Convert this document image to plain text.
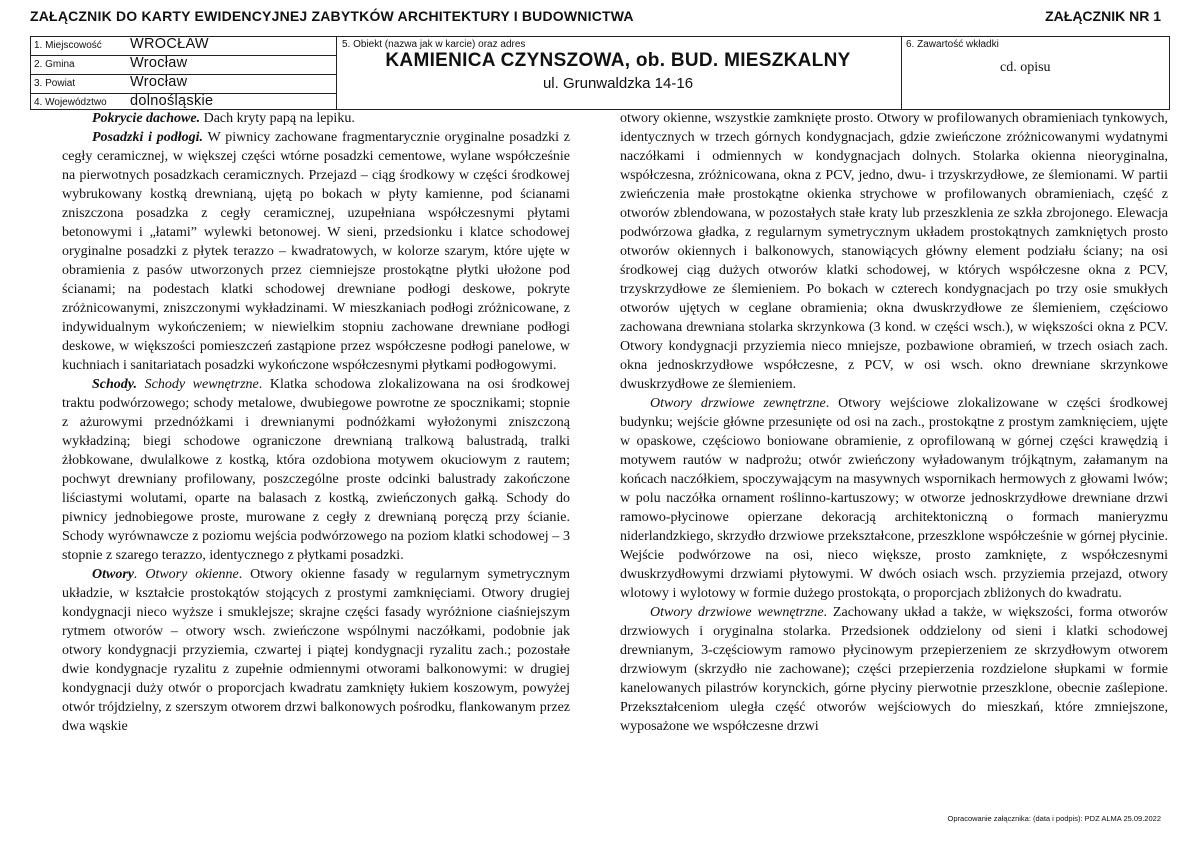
ZAŁĄCZNIK DO KARTY EWIDENCYJNEJ ZABYTKÓW ARCHITEKTURY I BUDOWNICTWA	ZAŁĄCZNIK NR 1
1. Miejscowość WROCŁAW
2. Gmina	Wrocław
3. Powiat	Wrocław
4. Województwo dolnośląskie
5. Obiekt (nazwa jak w karcie) oraz adres
KAMIENICA CZYNSZOWA, ob. BUD. MIESZKALNY
ul. Grunwaldzka 14-16
6. Zawartość wkładki
cd. opisu

Pokrycie dachowe. Dach kryty papą na lepiku.

Posadzki i podłogi. W piwnicy zachowane fragmentarycznie oryginalne posadzki z cegły ceramicznej, w większej części wtórne posadzki cementowe, wylane współcześnie na pierwotnych posadzkach ceramicznych. Przejazd – ciąg środkowy w części środkowej wybrukowany kostką drewnianą, ujętą po bokach w płyty kamienne, pod ścianami zniszczona posadzka z cegły ceramicznej, uzupełniana współczesnymi płytami betonowymi i „łatami” wylewki betonowej. W sieni, przedsionku i klatce schodowej oryginalne posadzki z płytek terazzo – kwadratowych, w kolorze szarym, które ujęte w obramienia z pasów utworzonych przez ciemniejsze prostokątne płytki ułożone pod ścianami; na podestach klatki schodowej drewniane podłogi deskowe, pokryte zróżnicowanymi, zniszczonymi wykładzinami. W mieszkaniach podłogi zróżnicowane, z indywidualnym wykończeniem; w niewielkim stopniu zachowane drewniane podłogi deskowe, w większości pomieszczeń zastąpione przez współczesne podłogi panelowe, w kuchniach i sanitariatach posadzki wykończone współczesnymi płytkami podłogowymi.

Schody. Schody wewnętrzne. Klatka schodowa zlokalizowana na osi środkowej traktu podwórzowego; schody metalowe, dwubiegowe powrotne ze spocznikami; stopnie z ażurowymi przednóżkami i drewnianymi podnóżkami wyłożonymi zniszczoną wykładziną; biegi schodowe ograniczone drewnianą tralkową balustradą, tralki żłobkowane, dwulalkowe z kostką, która ozdobiona motywem okuciowym z rautem; pochwyt drewniany profilowany, poszczególne proste odcinki balustrady zakończone liściastymi wolutami, oparte na balasach z kostką, zwieńczonych gałką. Schody do piwnicy jednobiegowe proste, murowane z cegły z drewnianą poręczą przy ścianie. Schody wyrównawcze z poziomu wejścia podwórzowego na poziom klatki schodowej – 3 stopnie z szarego terazzo, identycznego z płytkami posadzki.

Otwory. Otwory okienne. Otwory okienne fasady w regularnym symetrycznym układzie, w kształcie prostokątów stojących z prostymi zamknięciami. Otwory drugiej kondygnacji nieco wyższe i smuklejsze; skrajne części fasady wyróżnione ciaśniejszym rytmem otworów – otwory wsch. zwieńczone wspólnymi naczółkami, podobnie jak otwory kondygnacji przyziemia, czwartej i piątej kondygnacji ryzalitu zach.; pozostałe dwie kondygnacje ryzalitu z zupełnie odmiennymi otworami balkonowymi: w drugiej kondygnacji duży otwór o proporcjach kwadratu zamknięty łukiem koszowym, powyżej otwór trójdzielny, z szerszym otworem drzwi balkonowych pośrodku, flankowanym przez dwa wąskie

otwory okienne, wszystkie zamknięte prosto. Otwory w profilowanych obramieniach tynkowych, identycznych w trzech górnych kondygnacjach, gdzie zwieńczone zróżnicowanymi wydatnymi naczółkami i odmiennych w kondygnacjach dolnych. Stolarka okienna nieoryginalna, współczesna, zróżnicowana, okna z PCV, jedno, dwu- i trzyskrzydłowe, ze ślemionami. W partii zwieńczenia małe prostokątne okienka strychowe w profilowanych obramieniach, część z otworów zblendowana, w pozostałych stałe kraty lub przeszklenia ze szkła zbrojonego. Elewacja podwórzowa gładka, z regularnym symetrycznym układem prostokątnych zamkniętych prosto otworów okiennych i balkonowych, stanowiących główny element podziału ściany; na osi środkowej ciąg dużych otworów klatki schodowej, w których współczesne okna z PCV, trzyskrzydłowe ze ślemieniem. Po bokach w czterech kondygnacjach po trzy osie smukłych otworów ujętych w ceglane obramienia; okna dwuskrzydłowe ze ślemieniem, częściowo zachowana drewniana stolarka skrzynkowa (3 kond. w części wsch.), w większości okna z PCV. Otwory kondygnacji przyziemia nieco mniejsze, pozbawione obramień, w trzech osiach zach. okna jednoskrzydłowe współczesne, z PCV, w osi wsch. okno drewniane skrzynkowe dwuskrzydłowe ze ślemieniem.

Otwory drzwiowe zewnętrzne. Otwory wejściowe zlokalizowane w części środkowej budynku; wejście główne przesunięte od osi na zach., prostokątne z prostym zamknięciem, ujęte w opaskowe, częściowo boniowane obramienie, z oprofilowaną w górnej części krawędzią i motywem rautów w nadprożu; otwór zwieńczony wyładowanym trójkątnym, załamanym na końcach naczółkiem, spoczywającym na masywnych wspornikach hermowych z głowami lwów; w polu naczółka ornament roślinno-kartuszowy; w otworze jednoskrzydłowe drewniane drzwi ramowo-płycinowe opierzane dekoracją architektoniczną o formach manieryzmu niderlandzkiego, skrzydło drzwiowe przekształcone, przeszklone współcześnie w górnej płycinie. Wejście podwórzowe na osi, nieco większe, prosto zamknięte, z współczesnymi dwuskrzydłowymi drzwiami płytowymi. W dwóch osiach wsch. przyziemia przejazd, otwory wlotowy i wylotowy w formie dużego prostokąta, o proporcjach zbliżonych do kwadratu.

Otwory drzwiowe wewnętrzne. Zachowany układ a także, w większości, forma otworów drzwiowych i oryginalna stolarka. Przedsionek oddzielony od sieni i klatki schodowej drewnianym, 3-częściowym ramowo płycinowym przepierzeniem ze skrzydłowym otworem drzwiowym (skrzydło nie zachowane); części przepierzenia rozdzielone słupkami w formie kanelowanych pilastrów korynckich, górne płyciny pierwotnie przeszklone, obecnie zaślepione. Przekształceniom uległa część otworów wejściowych do mieszkań, które zmniejszone, wyposażone we współczesne drzwi

Opracowanie załącznika: (data i podpis): PDZ ALMA 25.09.2022
